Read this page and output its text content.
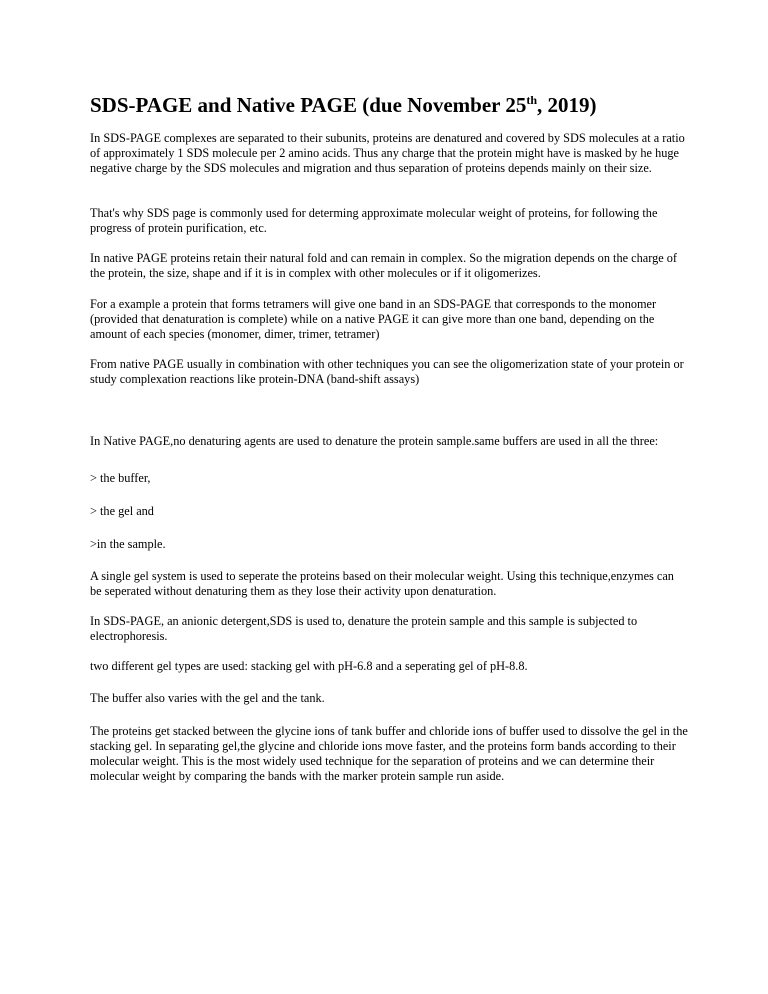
SDS-PAGE and Native PAGE (due November 25th, 2019)

In SDS-PAGE complexes are separated to their subunits, proteins are denatured and covered by SDS molecules at a ratio of approximately 1 SDS molecule per 2 amino acids. Thus any charge that the protein might have is masked by he huge negative charge by the SDS molecules and migration and thus separation of proteins depends mainly on their size.

That's why SDS page is commonly used for determing approximate molecular weight of proteins, for following the progress of protein purification, etc.

In native PAGE proteins retain their natural fold and can remain in complex. So the migration depends on the charge of the protein, the size, shape and if it is in complex with other molecules or if it oligomerizes.

For a example a protein that forms tetramers will give one band in an SDS-PAGE that corresponds to the monomer (provided that denaturation is complete) while on a native PAGE it can give more than one band, depending on the amount of each species (monomer, dimer, trimer, tetramer)

From native PAGE usually in combination with other techniques you can see the oligomerization state of your protein or study complexation reactions like protein-DNA (band-shift assays)

In Native PAGE,no denaturing agents are used to denature the protein sample.same buffers are used in all the three:

> the buffer,

> the gel and

>in the sample.

A single gel system is used to seperate the proteins based on their molecular weight. Using this technique,enzymes can be seperated without denaturing them as they lose their activity upon denaturation.

In SDS-PAGE, an anionic detergent,SDS is used to, denature the protein sample and this sample is subjected to electrophoresis.

two different gel types are used: stacking gel with pH-6.8 and a seperating gel of pH-8.8.

The buffer also varies with the gel and the tank.

The proteins get stacked between the glycine ions of tank buffer and chloride ions of buffer used to dissolve the gel in the stacking gel. In separating gel,the glycine and chloride ions move faster, and the proteins form bands according to their molecular weight. This is the most widely used technique for the separation of proteins and we can determine their molecular weight by comparing the bands with the marker protein sample run aside.
